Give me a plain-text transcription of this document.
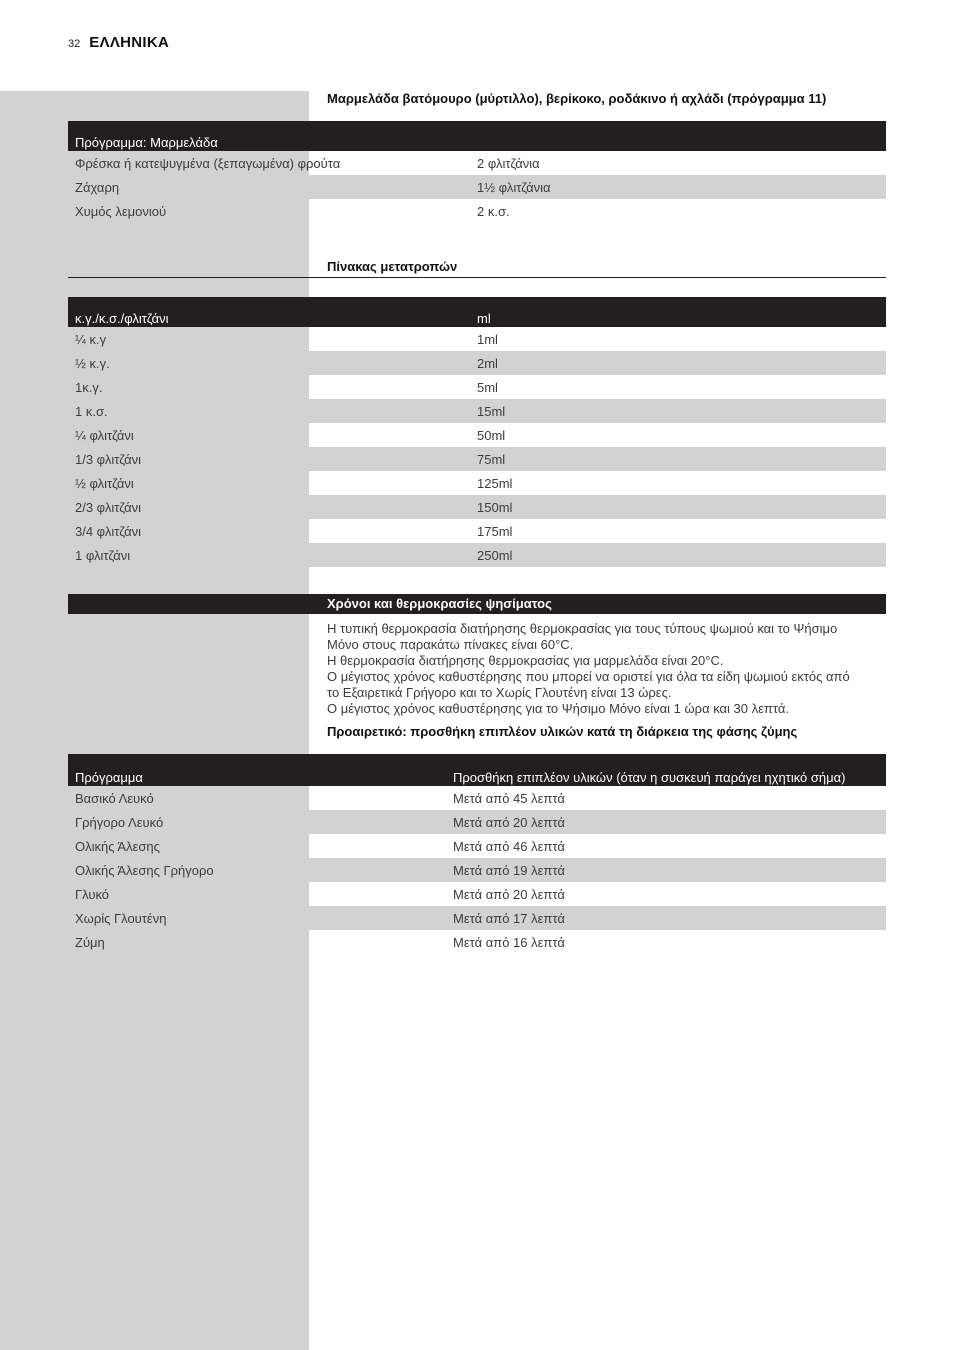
32 ΕΛΛΗΝΙΚΑ
Μαρμελάδα βατόμουρο (μύρτιλλο), βερίκοκο, ροδάκινο ή αχλάδι (πρόγραμμα 11)
Πρόγραμμα: Μαρμελάδα
Φρέσκα ή κατεψυγμένα (ξεπαγωμένα) φρούτα	2 φλιτζάνια
Ζάχαρη	1½ φλιτζάνια
Χυμός λεμονιού	2 κ.σ.
Πίνακας μετατροπών
κ.γ./κ.σ./φλιτζάνι	ml
¼ κ.γ	1ml
½ κ.γ.	2ml
1κ.γ.	5ml
1 κ.σ.	15ml
¼ φλιτζάνι	50ml
1/3 φλιτζάνι	75ml
½ φλιτζάνι	125ml
2/3 φλιτζάνι	150ml
3/4 φλιτζάνι	175ml
1 φλιτζάνι	250ml
Χρόνοι και θερμοκρασίες ψησίματος

Η τυπική θερμοκρασία διατήρησης θερμοκρασίας για τους τύπους ψωμιού και το Ψήσιμο

Μόνο στους παρακάτω πίνακες είναι 60°C.

Η θερμοκρασία διατήρησης θερμοκρασίας για μαρμελάδα είναι 20°C.

Ο μέγιστος χρόνος καθυστέρησης που μπορεί να οριστεί για όλα τα είδη ψωμιού εκτός από

το Εξαιρετικά Γρήγορο και το Χωρίς Γλουτένη είναι 13 ώρες.

Ο μέγιστος χρόνος καθυστέρησης για το Ψήσιμο Μόνο είναι 1 ώρα και 30 λεπτά.

Προαιρετικό: προσθήκη επιπλέον υλικών κατά τη διάρκεια της φάσης ζύμης
Πρόγραμμα	Προσθήκη επιπλέον υλικών (όταν η συσκευή παράγει ηχητικό σήμα)
Βασικό Λευκό	Μετά από 45 λεπτά
Γρήγορο Λευκό	Μετά από 20 λεπτά
Ολικής Άλεσης	Μετά από 46 λεπτά
Ολικής Άλεσης Γρήγορο	Μετά από 19 λεπτά
Γλυκό	Μετά από 20 λεπτά
Χωρίς Γλουτένη	Μετά από 17 λεπτά
Ζύμη	Μετά από 16 λεπτά
